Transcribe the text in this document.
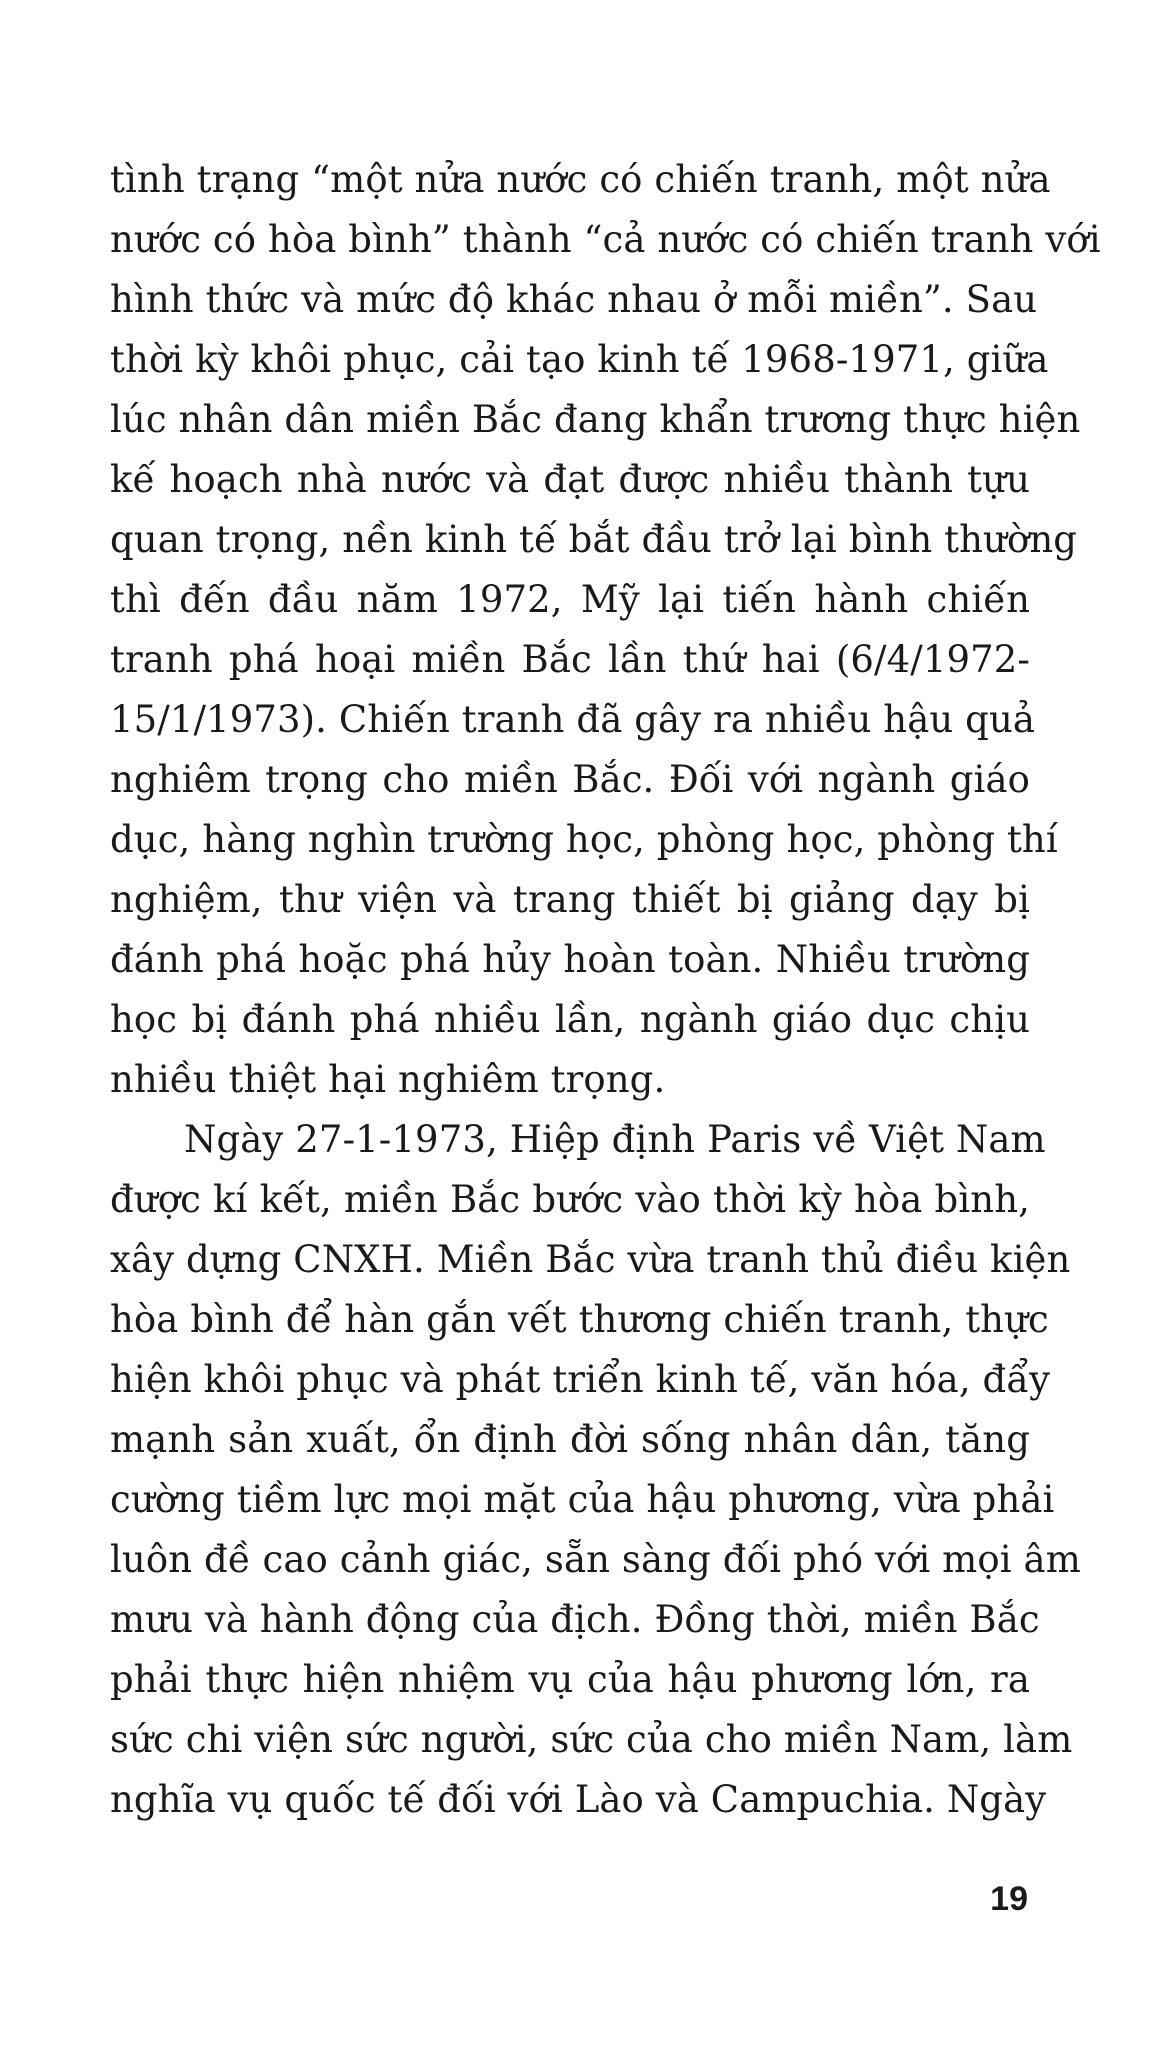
tình trạng “một nửa nước có chiến tranh, một nửa
nước có hòa bình” thành “cả nước có chiến tranh với
hình thức và mức độ khác nhau ở mỗi miền”. Sau
thời kỳ khôi phục, cải tạo kinh tế 1968-1971, giữa
lúc nhân dân miền Bắc đang khẩn trương thực hiện
kế hoạch nhà nước và đạt được nhiều thành tựu
quan trọng, nền kinh tế bắt đầu trở lại bình thường
thì đến đầu năm 1972, Mỹ lại tiến hành chiến
tranh phá hoại miền Bắc lần thứ hai (6/4/1972-
15/1/1973). Chiến tranh đã gây ra nhiều hậu quả
nghiêm trọng cho miền Bắc. Đối với ngành giáo
dục, hàng nghìn trường học, phòng học, phòng thí
nghiệm, thư viện và trang thiết bị giảng dạy bị
đánh phá hoặc phá hủy hoàn toàn. Nhiều trường
học bị đánh phá nhiều lần, ngành giáo dục chịu
nhiều thiệt hại nghiêm trọng.
Ngày 27-1-1973, Hiệp định Paris về Việt Nam
được kí kết, miền Bắc bước vào thời kỳ hòa bình,
xây dựng CNXH. Miền Bắc vừa tranh thủ điều kiện
hòa bình để hàn gắn vết thương chiến tranh, thực
hiện khôi phục và phát triển kinh tế, văn hóa, đẩy
mạnh sản xuất, ổn định đời sống nhân dân, tăng
cường tiềm lực mọi mặt của hậu phương, vừa phải
luôn đề cao cảnh giác, sẵn sàng đối phó với mọi âm
mưu và hành động của địch. Đồng thời, miền Bắc
phải thực hiện nhiệm vụ của hậu phương lớn, ra
sức chi viện sức người, sức của cho miền Nam, làm
nghĩa vụ quốc tế đối với Lào và Campuchia. Ngày
19
